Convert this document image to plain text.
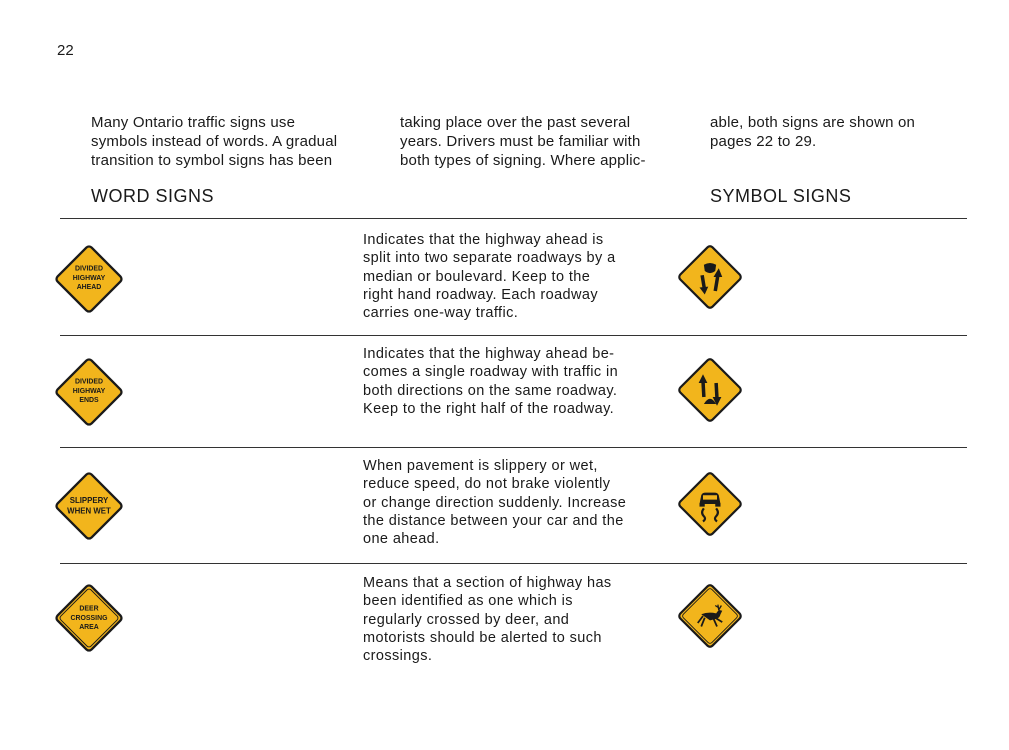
22
Many Ontario traffic signs use
symbols instead of words. A gradual
transition to symbol signs has been
taking place over the past several
years. Drivers must be familiar with
both types of signing. Where applic-
able, both signs are shown on
pages 22 to 29.
WORD SIGNS	SYMBOL SIGNS
DIVIDED
HIGHWAY
AHEAD
Indicates that the highway ahead is
split into two separate roadways by a
median or boulevard. Keep to the
right hand roadway. Each roadway
carries one-way traffic.
DIVIDED
HIGHWAY
ENDS
Indicates that the highway ahead be-
comes a single roadway with traffic in
both directions on the same roadway.
Keep to the right half of the roadway.
SLIPPERY
WHEN WET
When pavement is slippery or wet,
reduce speed, do not brake violently
or change direction suddenly. Increase
the distance between your car and the
one ahead.
DEER
CROSSING
AREA
Means that a section of highway has
been identified as one which is
regularly crossed by deer, and
motorists should be alerted to such
crossings.
